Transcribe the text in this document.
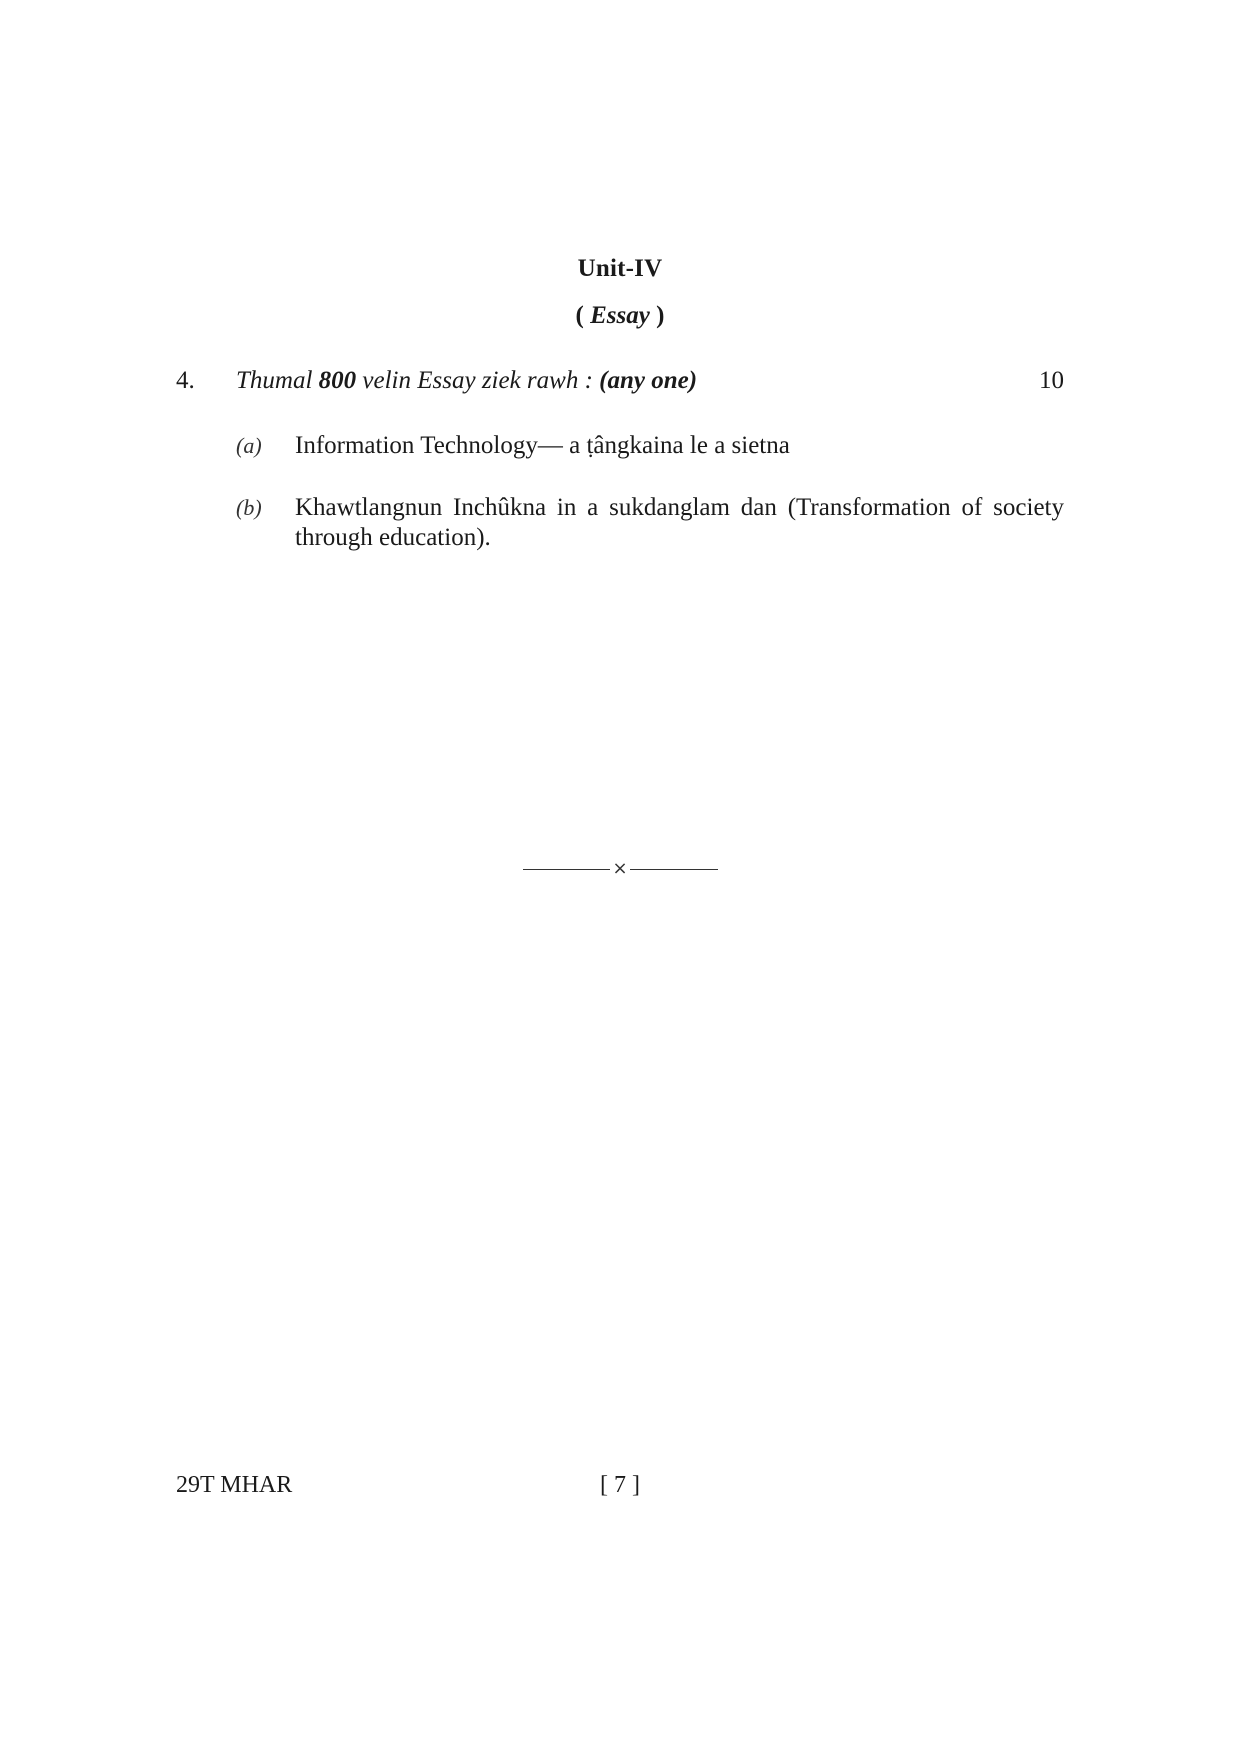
Unit-IV
( Essay )
4. Thumal 800 velin Essay ziek rawh : (any one)	10
(a) Information Technology— a ṭângkaina le a sietna
(b) Khawtlangnun Inchûkna in a sukdanglam dan (Transformation of society through education).
×
29T MHAR	[ 7 ]
